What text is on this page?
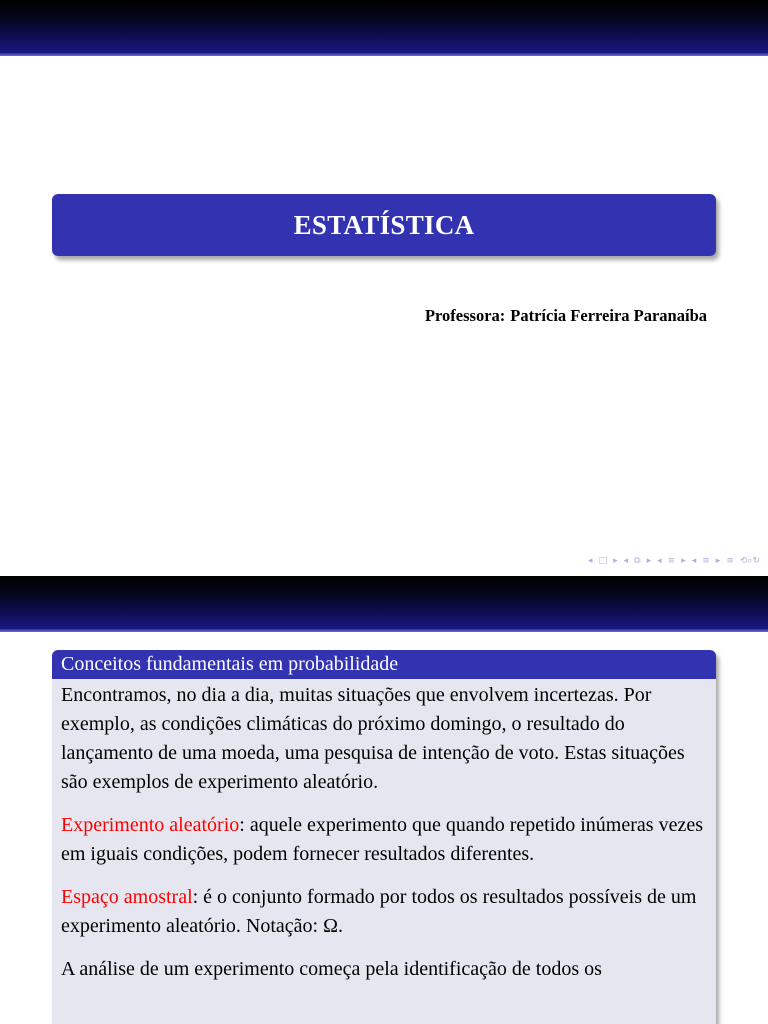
ESTATÍSTICA
Professora: Patrícia Ferreira Paranaíba
◂ □ ▸ ◂ ⧉ ▸ ◂ ≡ ▸ ◂ ≡ ▸ ≡ ⟲⌕↻
Conceitos fundamentais em probabilidade

Encontramos, no dia a dia, muitas situações que envolvem incertezas. Por exemplo, as condições climáticas do próximo domingo, o resultado do lançamento de uma moeda, uma pesquisa de intenção de voto. Estas situações são exemplos de experimento aleatório.

Experimento aleatório: aquele experimento que quando repetido inúmeras vezes em iguais condições, podem fornecer resultados diferentes.

Espaço amostral: é o conjunto formado por todos os resultados possíveis de um experimento aleatório. Notação: Ω.

A análise de um experimento começa pela identificação de todos os
